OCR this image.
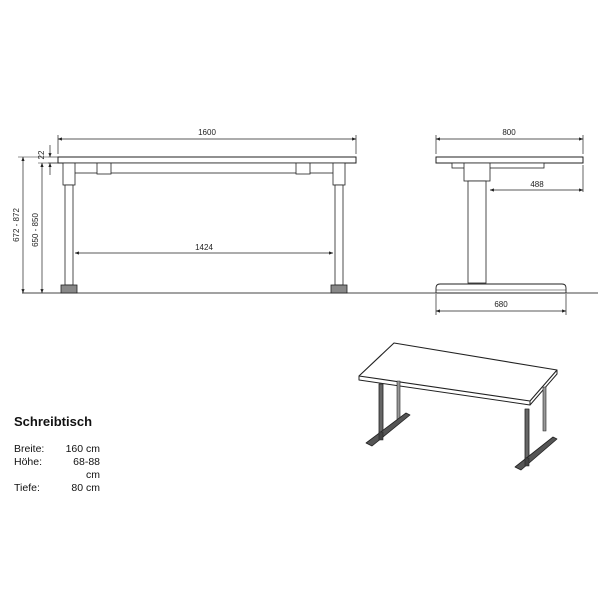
1600
1424
22
672 - 872 650 - 850
800
488
680
Schreibtisch
Breite:	160 cm
Höhe:	68-88 cm
Tiefe:	80 cm
